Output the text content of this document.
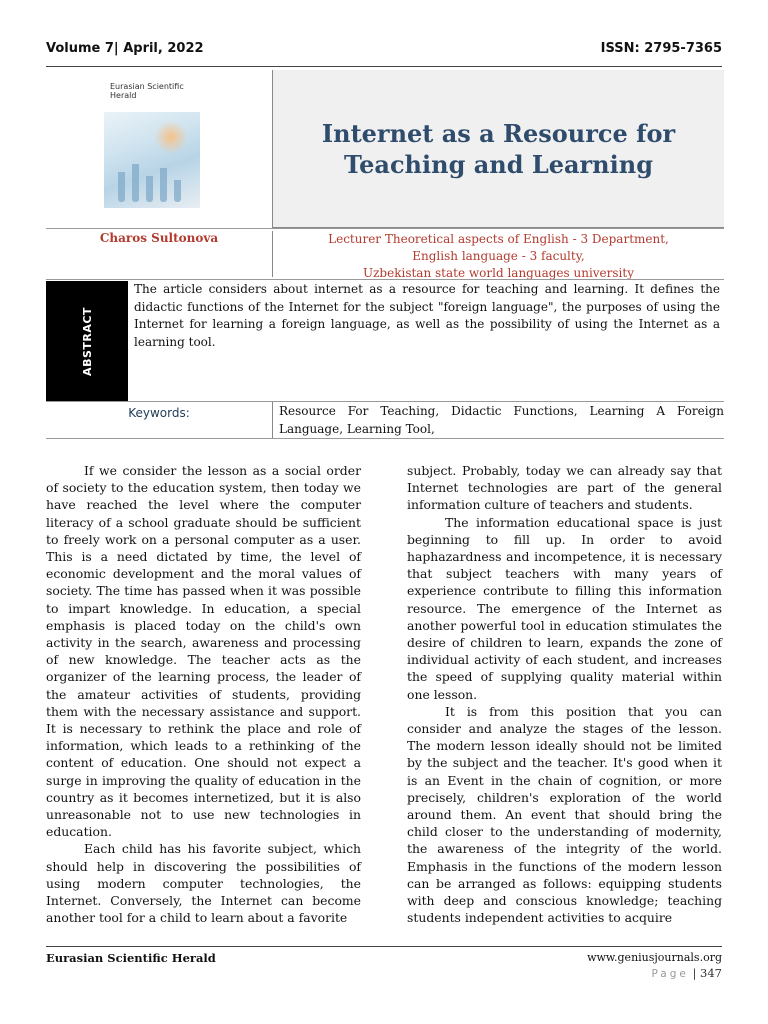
Volume 7| April, 2022	ISSN: 2795-7365
Eurasian Scientific Herald
Internet as a Resource for Teaching and Learning
Charos Sultonova	Lecturer Theoretical aspects of English - 3 Department,
English language - 3 faculty,
Uzbekistan state world languages university
ABSTRACT
The article considers about internet as a resource for teaching and learning. It defines the didactic functions of the Internet for the subject "foreign language", the purposes of using the Internet for learning a foreign language, as well as the possibility of using the Internet as a learning tool.
Keywords:	Resource For Teaching, Didactic Functions, Learning A Foreign Language, Learning Tool,

If we consider the lesson as a social order of society to the education system, then today we have reached the level where the computer literacy of a school graduate should be sufficient to freely work on a personal computer as a user. This is a need dictated by time, the level of economic development and the moral values of society. The time has passed when it was possible to impart knowledge. In education, a special emphasis is placed today on the child's own activity in the search, awareness and processing of new knowledge. The teacher acts as the organizer of the learning process, the leader of the amateur activities of students, providing them with the necessary assistance and support. It is necessary to rethink the place and role of information, which leads to a rethinking of the content of education. One should not expect a surge in improving the quality of education in the country as it becomes internetized, but it is also unreasonable not to use new technologies in education.

Each child has his favorite subject, which should help in discovering the possibilities of using modern computer technologies, the Internet. Conversely, the Internet can become another tool for a child to learn about a favorite

subject. Probably, today we can already say that Internet technologies are part of the general information culture of teachers and students.

The information educational space is just beginning to fill up. In order to avoid haphazardness and incompetence, it is necessary that subject teachers with many years of experience contribute to filling this information resource. The emergence of the Internet as another powerful tool in education stimulates the desire of children to learn, expands the zone of individual activity of each student, and increases the speed of supplying quality material within one lesson.

It is from this position that you can consider and analyze the stages of the lesson. The modern lesson ideally should not be limited by the subject and the teacher. It's good when it is an Event in the chain of cognition, or more precisely, children's exploration of the world around them. An event that should bring the child closer to the understanding of modernity, the awareness of the integrity of the world. Emphasis in the functions of the modern lesson can be arranged as follows: equipping students with deep and conscious knowledge; teaching students independent activities to acquire

Eurasian Scientific Herald	www.geniusjournals.org
Page | 347
